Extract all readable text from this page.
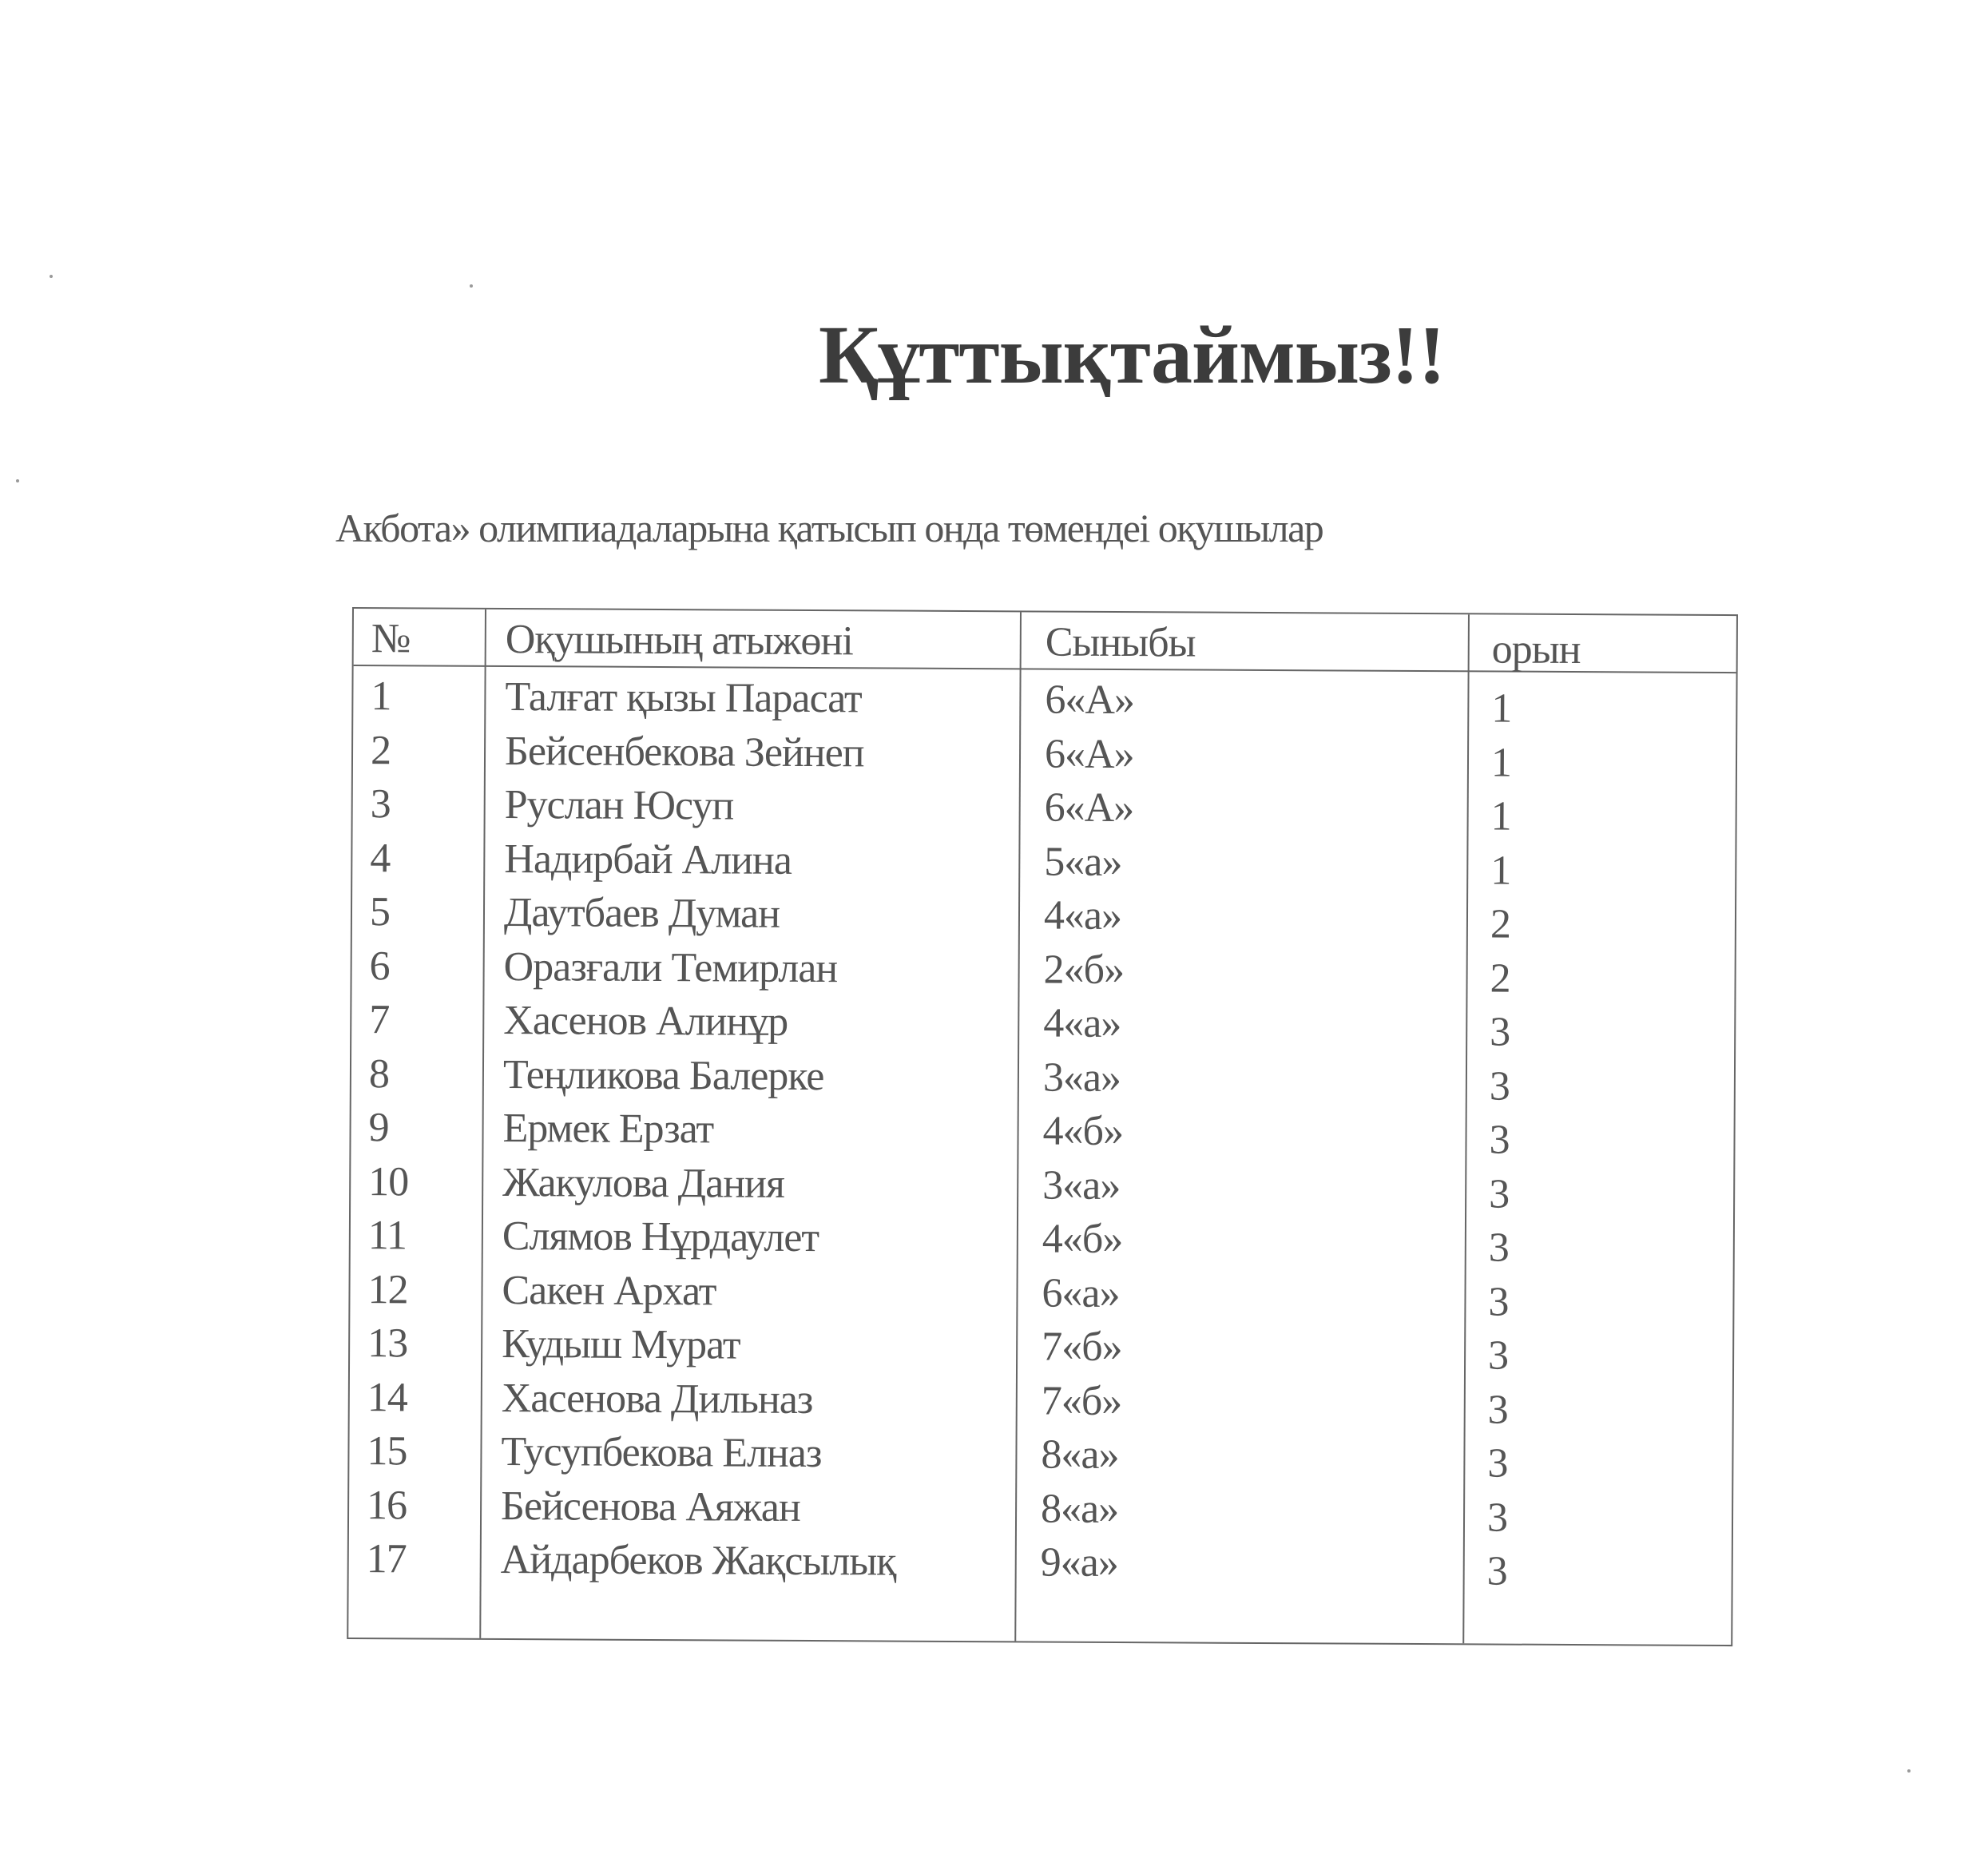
Құттықтаймыз!!
Акбота» олимпиадаларына қатысып онда төмендеі оқушылар
№ Оқушының атыжөні	Сыныбы	орын
1	Талғат қызы Парасат	6«А»	1
2	Бейсенбекова Зейнеп	6«А»	1
3	Руслан Юсуп	6«А»	1
4	Надирбай Алина	5«а»	1
5	Даутбаев Думан	4«а»	2
6	Оразғали Темирлан	2«б»	2
7	Хасенов Алинұр	4«а»	3
8	Теңликова Балерке	3«а»	3
9	Ермек Ерзат	4«б»	3
10 Жакулова Дания	3«а»	3
11 Слямов Нұрдаулет	4«б»	3
12 Сакен Архат	6«а»	3
13 Кудыш Мурат	7«б»	3
14 Хасенова Дильназ	7«б»	3
15 Тусупбекова Елназ	8«а»	3
16 Бейсенова Аяжан	8«а»	3
17 Айдарбеков Жақсылық	9«а»	3
